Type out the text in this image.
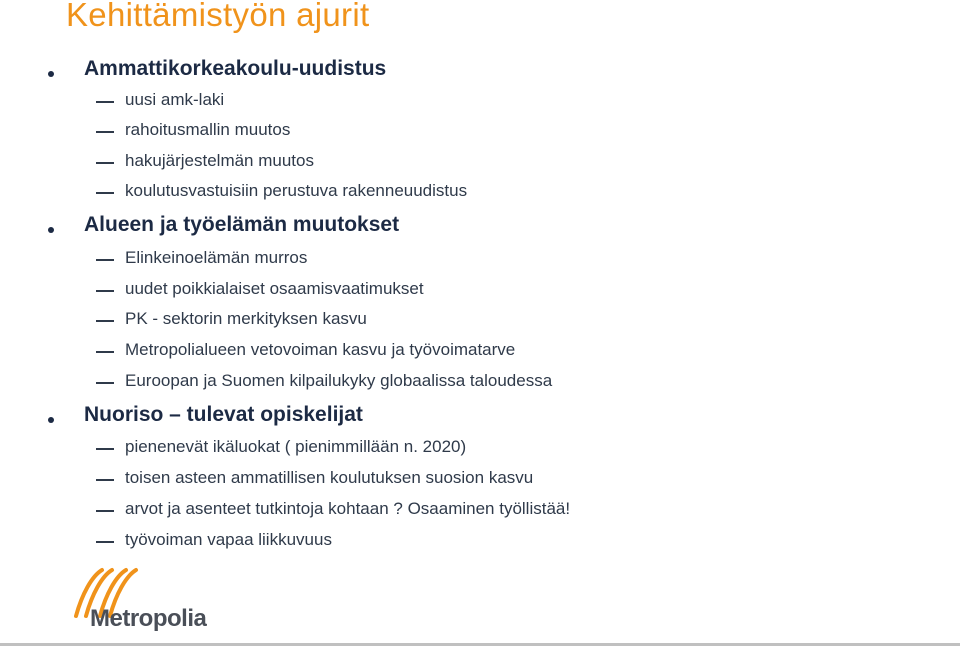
Kehittämistyön ajurit
Ammattikorkeakoulu-uudistus
uusi amk-laki
rahoitusmallin muutos
hakujärjestelmän muutos
koulutusvastuisiin perustuva rakenneuudistus
Alueen ja työelämän muutokset
Elinkeinoelämän murros
uudet poikkialaiset osaamisvaatimukset
PK - sektorin merkityksen kasvu
Metropolialueen vetovoiman kasvu ja työvoimatarve
Euroopan ja Suomen kilpailukyky globaalissa taloudessa
Nuoriso – tulevat opiskelijat
pienenevät ikäluokat ( pienimmillään n. 2020)
toisen asteen ammatillisen koulutuksen suosion kasvu
arvot ja asenteet tutkintoja kohtaan ? Osaaminen työllistää!
työvoiman vapaa liikkuvuus
Metropolia
